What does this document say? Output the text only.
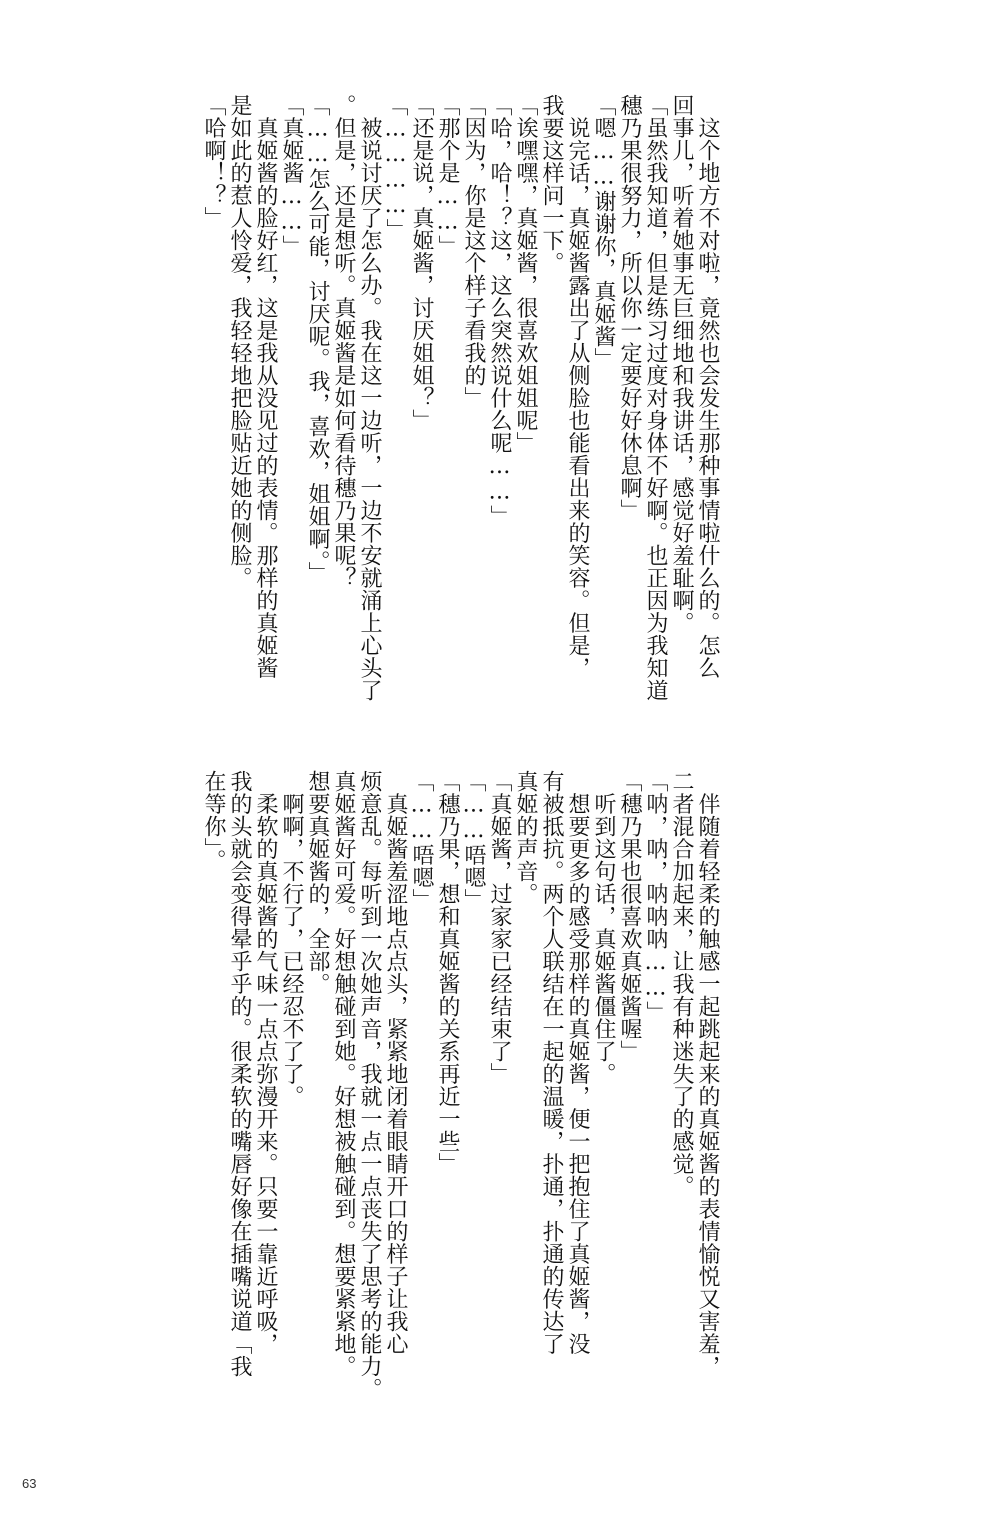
　这个地方不对啦，竟然也会发生那种事情啦什么的。怎么
回事儿，听着她事无巨细地和我讲话，感觉好羞耻啊。
「虽然我知道，但是练习过度对身体不好啊。也正因为我知道
穗乃果很努力，所以你一定要好好休息啊」
「嗯……谢谢你，真姬酱」
　说完话，真姬酱露出了从侧脸也能看出来的笑容。但是，
我要这样问一下。
「诶嘿嘿，真姬酱，很喜欢姐姐呢」
「哈，哈！？这，这么突然说什么呢……」
「因为，你是这个样子看我的」
「那个是……」
「还是说，真姬酱，讨厌姐姐？」
「…………」
　被说讨厌了怎么办。我在这一边听，一边不安就涌上心头了
。但是，还是想听。真姬酱是如何看待穗乃果呢？
「……怎么可能，讨厌呢。我，喜欢，姐姐啊。」
「真姬酱……」
　真姬酱的脸好红，这是我从没见过的表情。那样的真姬酱
是如此的惹人怜爱，我轻轻地把脸贴近她的侧脸。
「哈啊！？」
　伴随着轻柔的触感一起跳起来的真姬酱的表情愉悦又害羞，
二者混合加起来，让我有种迷失了的感觉。
「呐，呐，呐呐呐……」
「穗乃果也很喜欢真姬酱喔」
　听到这句话，真姬酱僵住了。
　想要更多的感受那样的真姬酱，便一把抱住了真姬酱，没
有被抵抗。两个人联结在一起的温暖，扑通，扑通的传达了
真姬的声音。
「真姬酱，过家家已经结束了」
「……唔嗯」
「穗乃果，想和真姬酱的关系再近一些」
「……唔嗯」
　真姬酱羞涩地点点头，紧紧地闭着眼睛开口的样子让我心
烦意乱。每听到一次她声音，我就一点一点丧失了思考的能力。
真姬酱好可爱。好想触碰到她。好想被触碰到。想要紧紧地。
想要真姬酱的，全部。
　啊啊，不行了，已经忍不了了。
　柔软的真姬酱的气味一点点弥漫开来。只要一靠近呼吸，
我的头就会变得晕乎乎的。很柔软的嘴唇好像在插嘴说道「我
在等你」。
63
